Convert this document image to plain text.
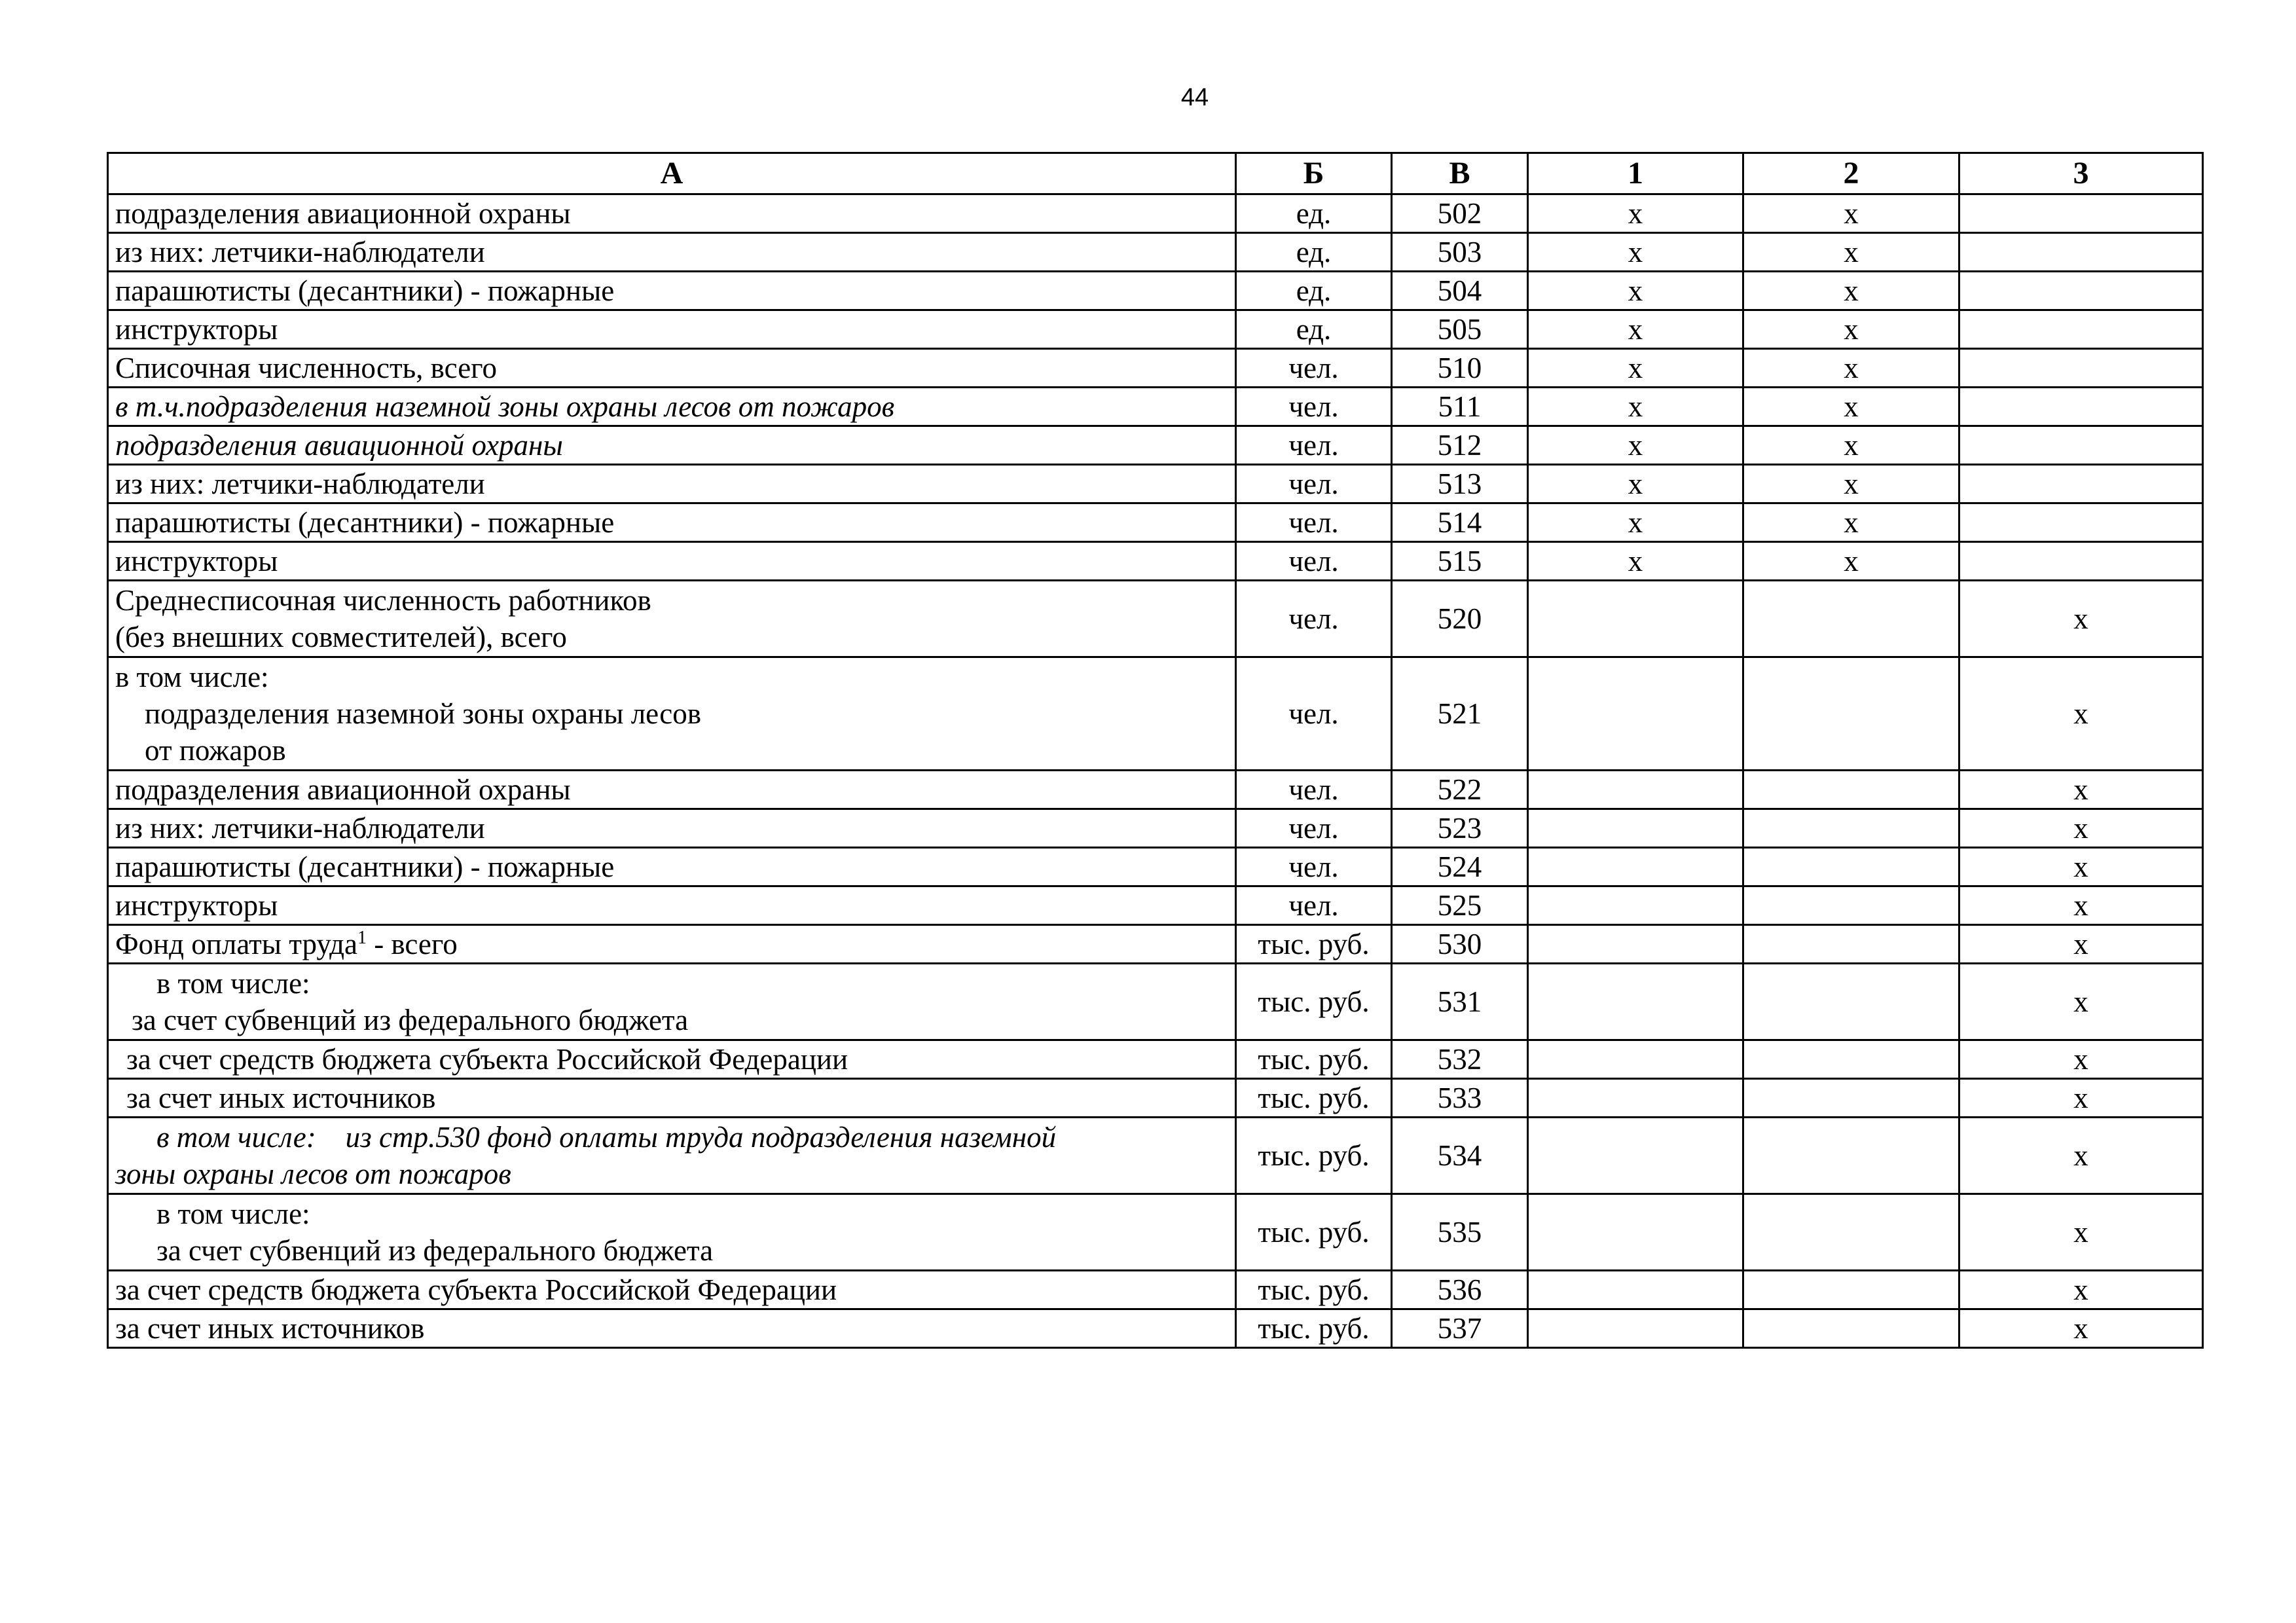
44
А	Б	В	1	2	3

подразделения авиационной охраны	ед.	502	х	х	

из них: летчики-наблюдатели	ед.	503	х	х	

парашютисты (десантники) - пожарные	ед.	504	х	х	

инструкторы	ед.	505	х	х	

Списочная численность, всего	чел.	510	х	х	

в т.ч.подразделения наземной зоны охраны лесов от пожаров	чел.	511	х	х	

подразделения авиационной охраны	чел.	512	х	х	

из них: летчики-наблюдатели	чел.	513	х	х	

парашютисты (десантники) - пожарные	чел.	514	х	х	

инструкторы	чел.	515	х	х	

Среднесписочная численность работников
(без внешних совместителей), всего	чел.	520			х

в том числе:
подразделения наземной зоны охраны лесов
от пожаров	чел.	521			х

подразделения авиационной охраны	чел.	522			х

из них: летчики-наблюдатели	чел.	523			х

парашютисты (десантники) - пожарные	чел.	524			х

инструкторы	чел.	525			х
Фонд оплаты труда$^1$ - всего	тыс. руб.	530			х

в том числе:
за счет субвенций из федерального бюджета	тыс. руб.	531			х

за счет средств бюджета субъекта Российской Федерации	тыс. руб.	532			х

за счет иных источников	тыс. руб.	533			х

в том числе:    из стр.530 фонд оплаты труда подразделения наземной
зоны охраны лесов от пожаров	тыс. руб.	534			х

в том числе:
за счет субвенций из федерального бюджета	тыс. руб.	535			х

за счет средств бюджета субъекта Российской Федерации	тыс. руб.	536			х

за счет иных источников	тыс. руб.	537			х
